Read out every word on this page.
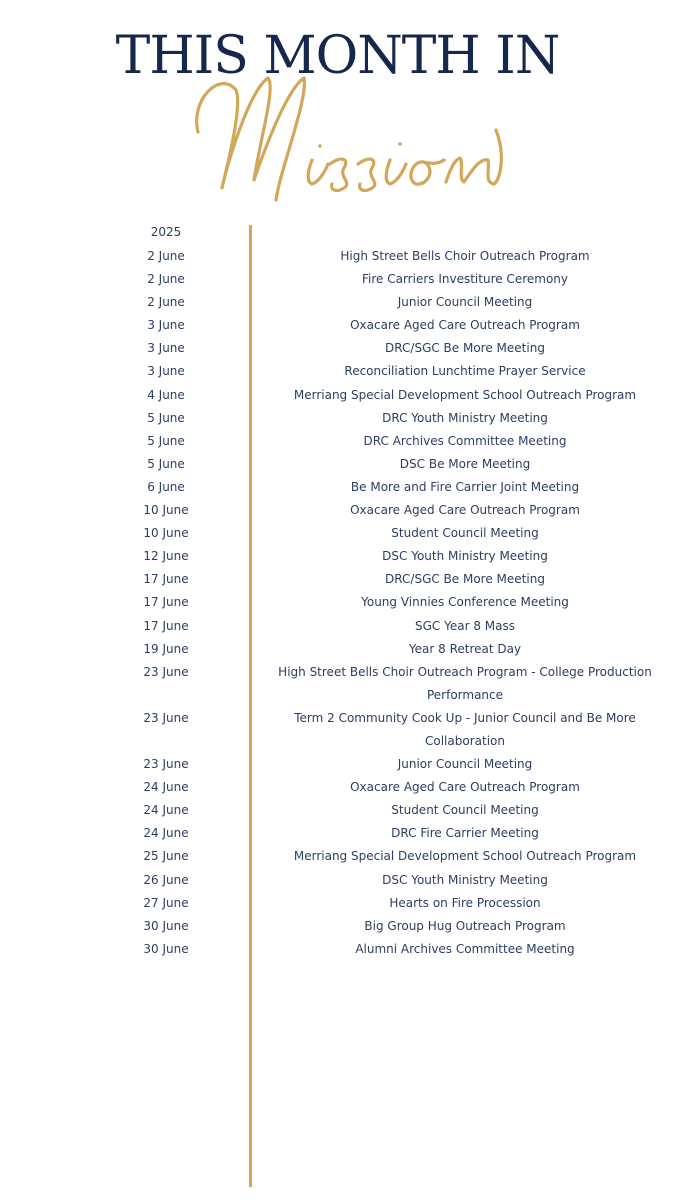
THIS MONTH IN
2025
2 June	High Street Bells Choir Outreach Program
2 June	Fire Carriers Investiture Ceremony
2 June	Junior Council Meeting
3 June	Oxacare Aged Care Outreach Program
3 June	DRC/SGC Be More Meeting
3 June	Reconciliation Lunchtime Prayer Service
4 June	Merriang Special Development School Outreach Program
5 June	DRC Youth Ministry Meeting
5 June	DRC Archives Committee Meeting
5 June	DSC Be More Meeting
6 June	Be More and Fire Carrier Joint Meeting
10 June	Oxacare Aged Care Outreach Program
10 June	Student Council Meeting
12 June	DSC Youth Ministry Meeting
17 June	DRC/SGC Be More Meeting
17 June	Young Vinnies Conference Meeting
17 June	SGC Year 8 Mass
19 June	Year 8 Retreat Day
23 June	High Street Bells Choir Outreach Program - College Production Performance
23 June	Term 2 Community Cook Up - Junior Council and Be More Collaboration
23 June	Junior Council Meeting
24 June	Oxacare Aged Care Outreach Program
24 June	Student Council Meeting
24 June	DRC Fire Carrier Meeting
25 June	Merriang Special Development School Outreach Program
26 June	DSC Youth Ministry Meeting
27 June	Hearts on Fire Procession
30 June	Big Group Hug Outreach Program
30 June	Alumni Archives Committee Meeting
